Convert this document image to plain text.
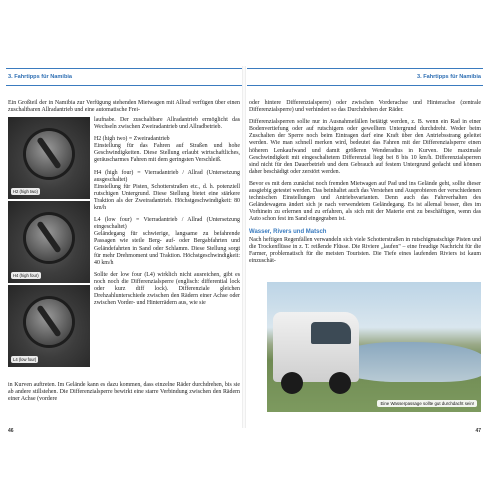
3. Fahrtipps für Namibia

Ein Großteil der in Namibia zur Verfügung stehenden Mietwagen mit Allrad verfügen über einen zuschaltbaren Allradantrieb und eine automatische Frei-

H2 (high two)
H4 (high four)
L4 (low four)

laufnabe. Der zuschaltbare Allradantrieb ermöglicht das Wechseln zwischen Zweiradantrieb und Allradbetrieb.

H2 (high two) = Zweiradantrieb
Einstellung für das Fahren auf Straßen und hohe Geschwindigkeiten. Diese Stellung erlaubt wirtschaftliches, geräuscharmes Fahren mit dem geringsten Verschleiß.

H4 (high four) = Vierradantrieb / Allrad (Untersetzung ausgeschaltet)
Einstellung für Pisten, Schotterstraßen etc., d. h. potenziell rutschigen Untergrund. Diese Stellung bietet eine stärkere Traktion als der Zweiradantrieb. Höchstgeschwindigkeit: 80 km/h

L4 (low four) = Vierradantrieb / Allrad (Untersetzung eingeschaltet)
Geländegang für schwierige, langsame zu befahrende Passagen wie steile Berg- auf- oder Bergabfahrten und Geländefahrten in Sand oder Schlamm. Diese Stellung sorgt für mehr Drehmoment und Traktion. Höchstgeschwindigkeit: 40 km/h

Sollte der low four (L4) wirklich nicht ausreichen, gibt es noch noch die Differenzialsperre (englisch: differential lock oder kurz diff lock). Differenziale gleichen Drehzahlunterschiede zwischen den Rädern einer Achse oder zwischen Vorder- und Hinterrädern aus, wie sie

in Kurven auftreten. Im Gelände kann es dazu kommen, dass einzelne Räder durchdrehen, bis sie ab andere stillstehen. Die Differenzialsperre bewirkt eine starre Verbindung zwischen den Rädern einer Achse (vordere

46
3. Fahrtipps für Namibia

oder hintere Differenzialsperre) oder zwischen Vorderachse und Hinterachse (zentrale Differenzialsperre) und verhindert so das Durchdrehen der Räder.

Differenzialsperren sollte nur in Ausnahmefällen betätigt werden, z. B. wenn ein Rad in einer Bodenvertiefung oder auf rutschigem oder gewelltem Untergrund durchdreht. Weder beim Zuschalten der Sperre noch beim Eintragen darf eine Kraft über den Antriebsstrang geleitet werden. Wie man schnell merken wird, bedeutet das Fahren mit der Differenzialsperre einen höheren Lenkaufwand und damit größeren Wenderadius in Kurven. Die maximale Geschwindigkeit mit eingeschaltetem Differenzial liegt bei 8 bis 10 km/h. Differenzialsperren sind nicht für den Dauerbetrieb und dem Gebrauch auf festem Untergrund gedacht und können daher beschädigt oder zerstört werden.

Bevor es mit dem zunächst noch fremden Mietwagen auf Pad und ins Gelände geht, sollte dieser ausgiebig getestet werden. Das beinhaltet auch das Verstehen und Ausprobieren der verschiedenen technischen Einstellungen und Antriebsvarianten. Denn auch das Fahrverhalten des Geländewagens ändert sich je nach verwendetem Geländegang. Es ist allemal besser, dies im Vorhinein zu erlernen und zu erfahren, als sich mit der Materie erst zu beschäftigen, wenn das Auto schon fest im Sand eingegraben ist.

Wasser, Rivers und Matsch

Nach heftigen Regenfällen verwandeln sich viele Schotterstraßen in rutschigmatschige Pisten und die Trockenflüsse in z. T. reißende Flüsse. Die Riviere „laufen" – eine freudige Nachricht für die Farmer, problematisch für die meisten Touristen. Die Tiefe eines laufenden Riviers ist kaum einzuschät-

Eine Wasserpassage sollte gut durchdacht sein!
47
